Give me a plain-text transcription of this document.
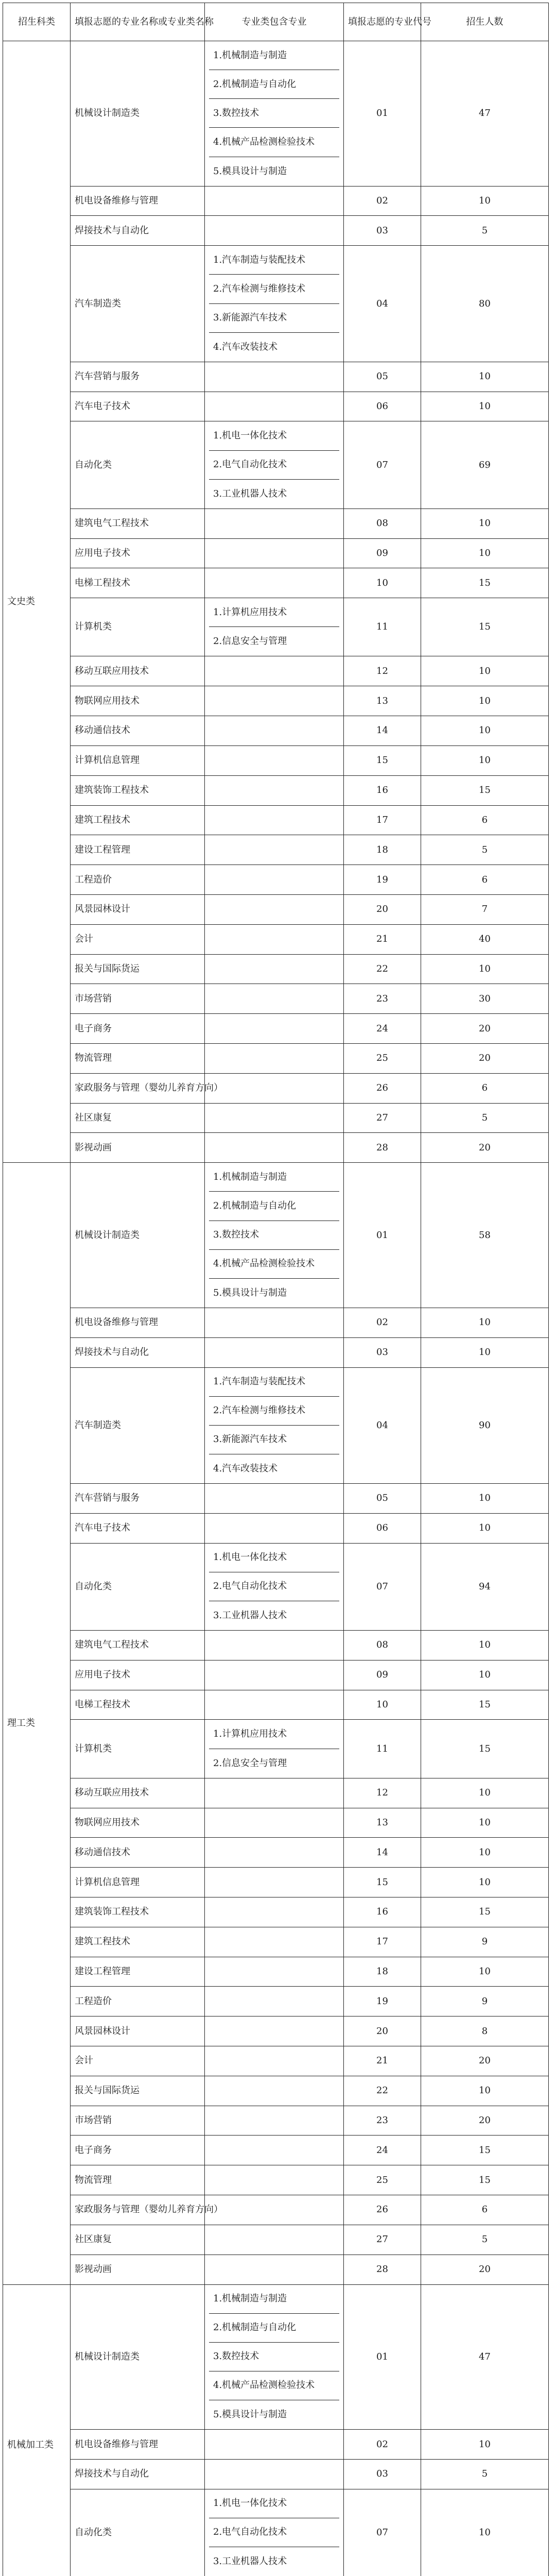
招生科类	填报志愿的专业名称或专业类名称	专业类包含专业	填报志愿的专业代号	招生人数
文史类	机械设计制造类	1.机械制造与制造
2.机械制造与自动化
3.数控技术
4.机械产品检测检验技术
5.模具设计与制造	01	47
	机电设备维修与管理		02	10
	焊接技术与自动化		03	5
	汽车制造类	1.汽车制造与装配技术
2.汽车检测与维修技术
3.新能源汽车技术
4.汽车改装技术	04	80
	汽车营销与服务		05	10
	汽车电子技术		06	10
	自动化类	1.机电一体化技术
2.电气自动化技术
3.工业机器人技术	07	69
	建筑电气工程技术		08	10
	应用电子技术		09	10
	电梯工程技术		10	15
	计算机类	1.计算机应用技术
2.信息安全与管理	11	15
	移动互联应用技术		12	10
	物联网应用技术		13	10
	移动通信技术		14	10
	计算机信息管理		15	10
	建筑装饰工程技术		16	15
	建筑工程技术		17	6
	建设工程管理		18	5
	工程造价		19	6
	风景园林设计		20	7
	会计		21	40
	报关与国际货运		22	10
	市场营销		23	30
	电子商务		24	20
	物流管理		25	20
	家政服务与管理（婴幼儿养育方向）		26	6
	社区康复		27	5
	影视动画		28	20
理工类	机械设计制造类	1.机械制造与制造
2.机械制造与自动化
3.数控技术
4.机械产品检测检验技术
5.模具设计与制造	01	58
	机电设备维修与管理		02	10
	焊接技术与自动化		03	10
	汽车制造类	1.汽车制造与装配技术
2.汽车检测与维修技术
3.新能源汽车技术
4.汽车改装技术	04	90
	汽车营销与服务		05	10
	汽车电子技术		06	10
	自动化类	1.机电一体化技术
2.电气自动化技术
3.工业机器人技术	07	94
	建筑电气工程技术		08	10
	应用电子技术		09	10
	电梯工程技术		10	15
	计算机类	1.计算机应用技术
2.信息安全与管理	11	15
	移动互联应用技术		12	10
	物联网应用技术		13	10
	移动通信技术		14	10
	计算机信息管理		15	10
	建筑装饰工程技术		16	15
	建筑工程技术		17	9
	建设工程管理		18	10
	工程造价		19	9
	风景园林设计		20	8
	会计		21	20
	报关与国际货运		22	10
	市场营销		23	20
	电子商务		24	15
	物流管理		25	15
	家政服务与管理（婴幼儿养育方向）		26	6
	社区康复		27	5
	影视动画		28	20
机械加工类	机械设计制造类	1.机械制造与制造
2.机械制造与自动化
3.数控技术
4.机械产品检测检验技术
5.模具设计与制造	01	47
	机电设备维修与管理		02	10
	焊接技术与自动化		03	5
	自动化类	1.机电一体化技术
2.电气自动化技术
3.工业机器人技术	07	10
